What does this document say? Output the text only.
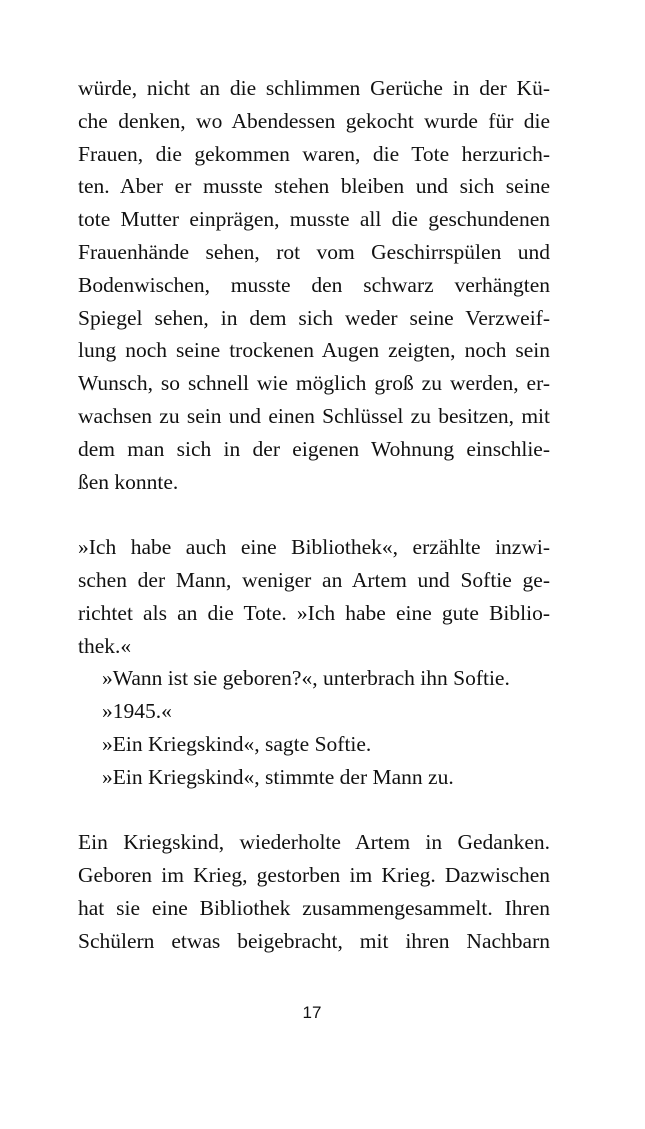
würde, nicht an die schlimmen Gerüche in der Kü-
che denken, wo Abendessen gekocht wurde für die
Frauen, die gekommen waren, die Tote herzurich-
ten. Aber er musste stehen bleiben und sich seine
tote Mutter einprägen, musste all die geschundenen
Frauenhände sehen, rot vom Geschirrspülen und
Bodenwischen, musste den schwarz verhängten
Spiegel sehen, in dem sich weder seine Verzweif-
lung noch seine trockenen Augen zeigten, noch sein
Wunsch, so schnell wie möglich groß zu werden, er-
wachsen zu sein und einen Schlüssel zu besitzen, mit
dem man sich in der eigenen Wohnung einschlie-
ßen konnte.
»Ich habe auch eine Bibliothek«, erzählte inzwi-
schen der Mann, weniger an Artem und Softie ge-
richtet als an die Tote. »Ich habe eine gute Biblio-
thek.«
»Wann ist sie geboren?«, unterbrach ihn Softie.
»1945.«
»Ein Kriegskind«, sagte Softie.
»Ein Kriegskind«, stimmte der Mann zu.
Ein Kriegskind, wiederholte Artem in Gedanken.
Geboren im Krieg, gestorben im Krieg. Dazwischen
hat sie eine Bibliothek zusammengesammelt. Ihren
Schülern etwas beigebracht, mit ihren Nachbarn
17
